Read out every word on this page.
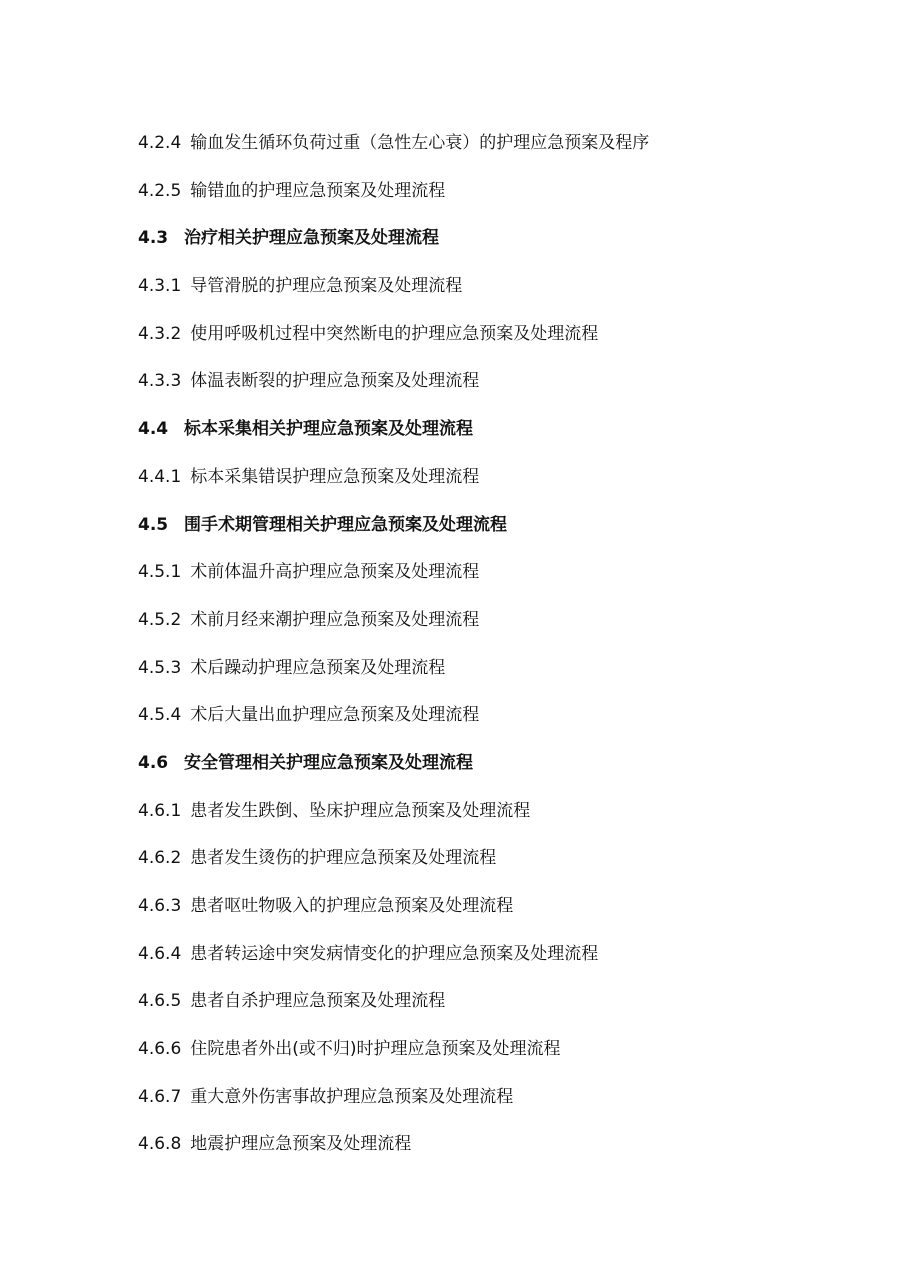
4.2.4 输血发生循环负荷过重（急性左心衰）的护理应急预案及程序
4.2.5 输错血的护理应急预案及处理流程
4.3 治疗相关护理应急预案及处理流程
4.3.1 导管滑脱的护理应急预案及处理流程
4.3.2 使用呼吸机过程中突然断电的护理应急预案及处理流程
4.3.3 体温表断裂的护理应急预案及处理流程
4.4 标本采集相关护理应急预案及处理流程
4.4.1 标本采集错误护理应急预案及处理流程
4.5 围手术期管理相关护理应急预案及处理流程
4.5.1 术前体温升高护理应急预案及处理流程
4.5.2 术前月经来潮护理应急预案及处理流程
4.5.3 术后躁动护理应急预案及处理流程
4.5.4 术后大量出血护理应急预案及处理流程
4.6 安全管理相关护理应急预案及处理流程
4.6.1 患者发生跌倒、坠床护理应急预案及处理流程
4.6.2 患者发生烫伤的护理应急预案及处理流程
4.6.3 患者呕吐物吸入的护理应急预案及处理流程
4.6.4 患者转运途中突发病情变化的护理应急预案及处理流程
4.6.5 患者自杀护理应急预案及处理流程
4.6.6 住院患者外出(或不归)时护理应急预案及处理流程
4.6.7 重大意外伤害事故护理应急预案及处理流程
4.6.8 地震护理应急预案及处理流程
